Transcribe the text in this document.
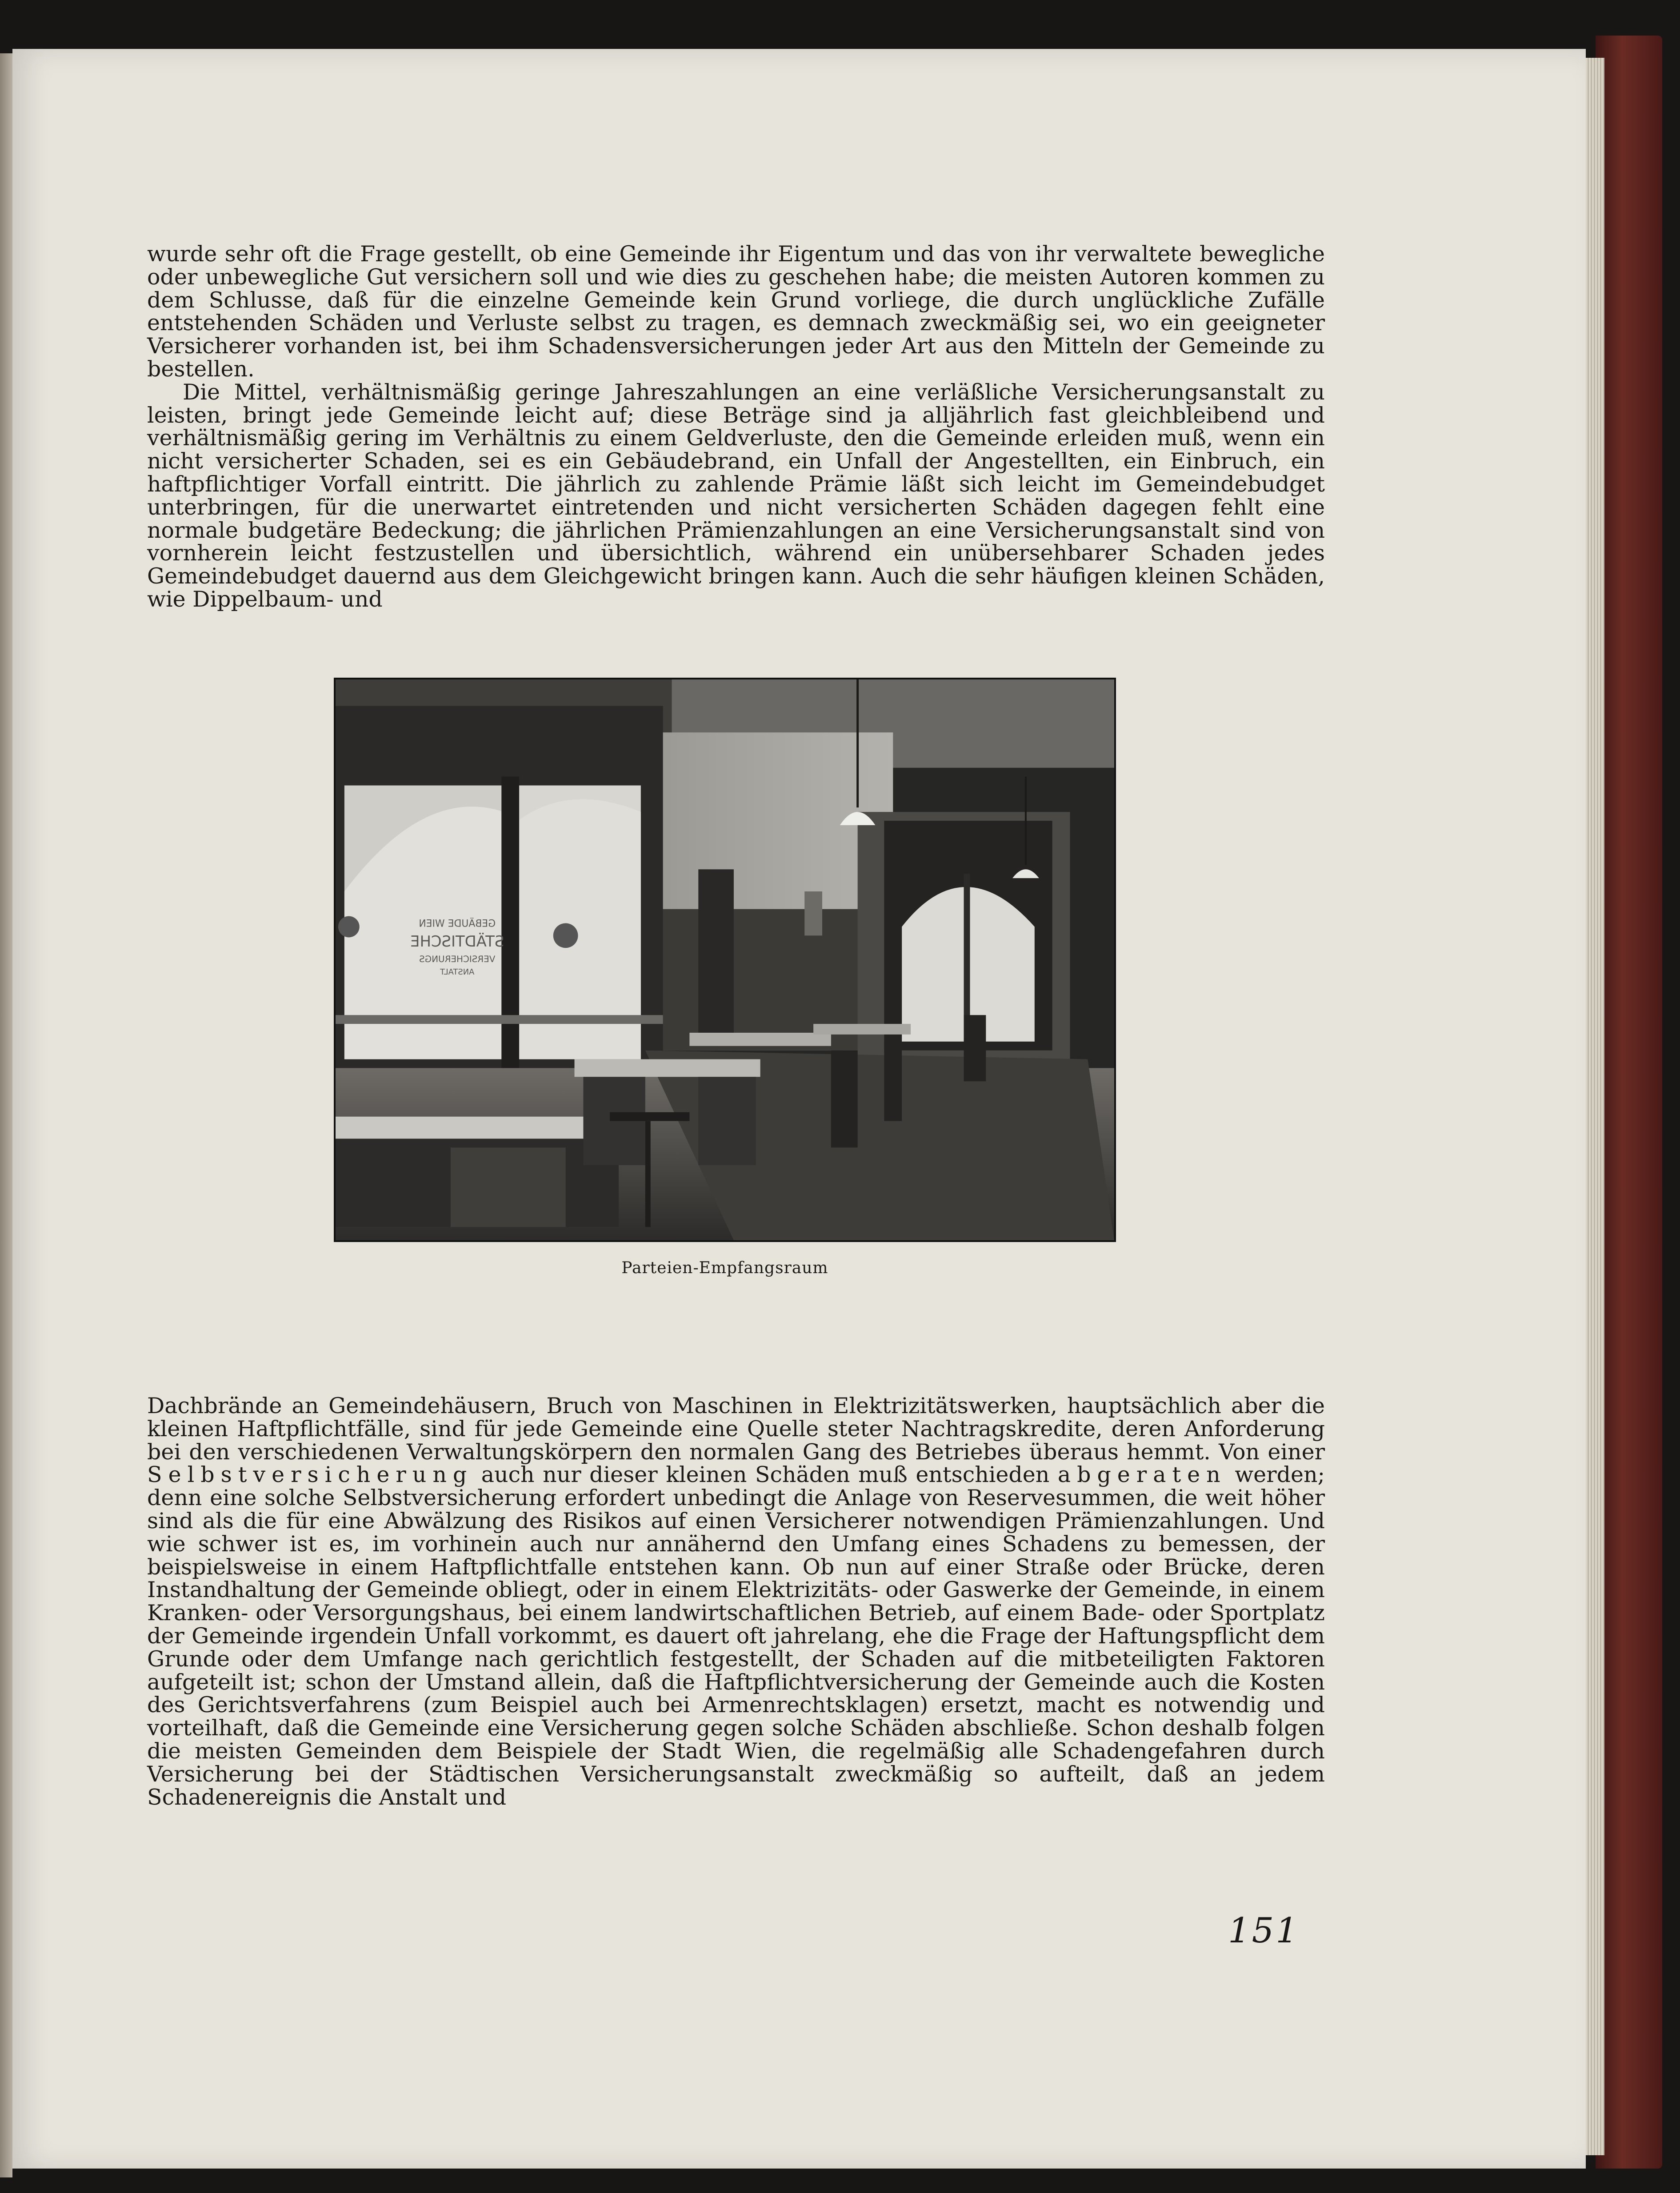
wurde sehr oft die Frage gestellt, ob eine Gemeinde ihr Eigentum und das von ihr verwaltete bewegliche oder unbewegliche Gut versichern soll und wie dies zu geschehen habe; die meisten Autoren kommen zu dem Schlusse, daß für die einzelne Gemeinde kein Grund vorliege, die durch unglückliche Zufälle entstehenden Schäden und Verluste selbst zu tragen, es demnach zweckmäßig sei, wo ein geeigneter Versicherer vorhanden ist, bei ihm Schadensversicherungen jeder Art aus den Mitteln der Gemeinde zu bestellen.

Die Mittel, verhältnismäßig geringe Jahreszahlungen an eine verläßliche Versicherungsanstalt zu leisten, bringt jede Gemeinde leicht auf; diese Beträge sind ja alljährlich fast gleichbleibend und verhältnismäßig gering im Verhältnis zu einem Geldverluste, den die Gemeinde erleiden muß, wenn ein nicht versicherter Schaden, sei es ein Gebäudebrand, ein Unfall der Angestellten, ein Einbruch, ein haftpflichtiger Vorfall eintritt. Die jährlich zu zahlende Prämie läßt sich leicht im Gemeindebudget unterbringen, für die unerwartet eintretenden und nicht versicherten Schäden dagegen fehlt eine normale budgetäre Bedeckung; die jährlichen Prämienzahlungen an eine Versicherungsanstalt sind von vornherein leicht festzustellen und übersichtlich, während ein unübersehbarer Schaden jedes Gemeindebudget dauernd aus dem Gleichgewicht bringen kann. Auch die sehr häufigen kleinen Schäden, wie Dippelbaum- und

GEBÄUDE WIEN
STÄDTISCHE
VERSICHERUNGS
ANSTALT
Parteien-Empfangsraum

Dachbrände an Gemeindehäusern, Bruch von Maschinen in Elektrizitätswerken, hauptsächlich aber die kleinen Haftpflichtfälle, sind für jede Gemeinde eine Quelle steter Nachtragskredite, deren Anforderung bei den verschiedenen Verwaltungskörpern den normalen Gang des Betriebes überaus hemmt. Von einer Selbstversicherung auch nur dieser kleinen Schäden muß entschieden abgeraten werden; denn eine solche Selbstversicherung erfordert unbedingt die Anlage von Reservesummen, die weit höher sind als die für eine Abwälzung des Risikos auf einen Versicherer notwendigen Prämienzahlungen. Und wie schwer ist es, im vorhinein auch nur annähernd den Umfang eines Schadens zu bemessen, der beispielsweise in einem Haftpflichtfalle entstehen kann. Ob nun auf einer Straße oder Brücke, deren Instandhaltung der Gemeinde obliegt, oder in einem Elektrizitäts- oder Gaswerke der Gemeinde, in einem Kranken- oder Versorgungshaus, bei einem landwirtschaftlichen Betrieb, auf einem Bade- oder Sportplatz der Gemeinde irgendein Unfall vorkommt, es dauert oft jahrelang, ehe die Frage der Haftungspflicht dem Grunde oder dem Umfange nach gerichtlich festgestellt, der Schaden auf die mitbeteiligten Faktoren aufgeteilt ist; schon der Umstand allein, daß die Haftpflichtversicherung der Gemeinde auch die Kosten des Gerichtsverfahrens (zum Beispiel auch bei Armenrechtsklagen) ersetzt, macht es notwendig und vorteilhaft, daß die Gemeinde eine Versicherung gegen solche Schäden abschließe. Schon deshalb folgen die meisten Gemeinden dem Beispiele der Stadt Wien, die regelmäßig alle Schadengefahren durch Versicherung bei der Städtischen Versicherungsanstalt zweckmäßig so aufteilt, daß an jedem Schadenereignis die Anstalt und

151
